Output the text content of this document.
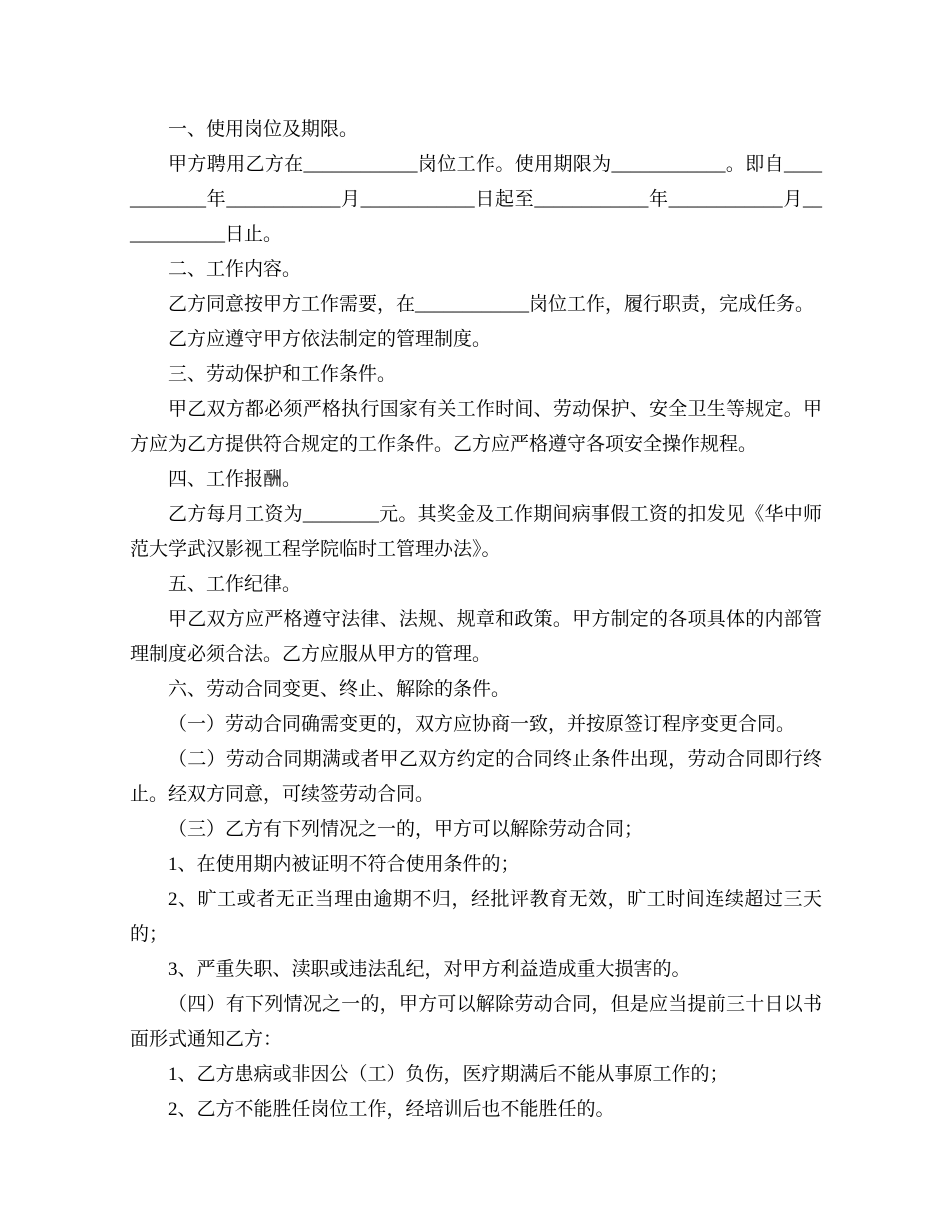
一、使用岗位及期限。

甲方聘用乙方在____________岗位工作。使用期限为____________。即自____________年____________月____________日起至____________年____________月____________日止。

二、工作内容。

乙方同意按甲方工作需要，在____________岗位工作，履行职责，完成任务。

乙方应遵守甲方依法制定的管理制度。

三、劳动保护和工作条件。

甲乙双方都必须严格执行国家有关工作时间、劳动保护、安全卫生等规定。甲方应为乙方提供符合规定的工作条件。乙方应严格遵守各项安全操作规程。

四、工作报酬。

乙方每月工资为________元。其奖金及工作期间病事假工资的扣发见《华中师范大学武汉影视工程学院临时工管理办法》。

五、工作纪律。

甲乙双方应严格遵守法律、法规、规章和政策。甲方制定的各项具体的内部管理制度必须合法。乙方应服从甲方的管理。

六、劳动合同变更、终止、解除的条件。

（一）劳动合同确需变更的，双方应协商一致，并按原签订程序变更合同。

（二）劳动合同期满或者甲乙双方约定的合同终止条件出现，劳动合同即行终止。经双方同意，可续签劳动合同。

（三）乙方有下列情况之一的，甲方可以解除劳动合同；

1、在使用期内被证明不符合使用条件的；

2、旷工或者无正当理由逾期不归，经批评教育无效，旷工时间连续超过三天的；

3、严重失职、渎职或违法乱纪，对甲方利益造成重大损害的。

（四）有下列情况之一的，甲方可以解除劳动合同，但是应当提前三十日以书面形式通知乙方：

1、乙方患病或非因公（工）负伤，医疗期满后不能从事原工作的；

2、乙方不能胜任岗位工作，经培训后也不能胜任的。
